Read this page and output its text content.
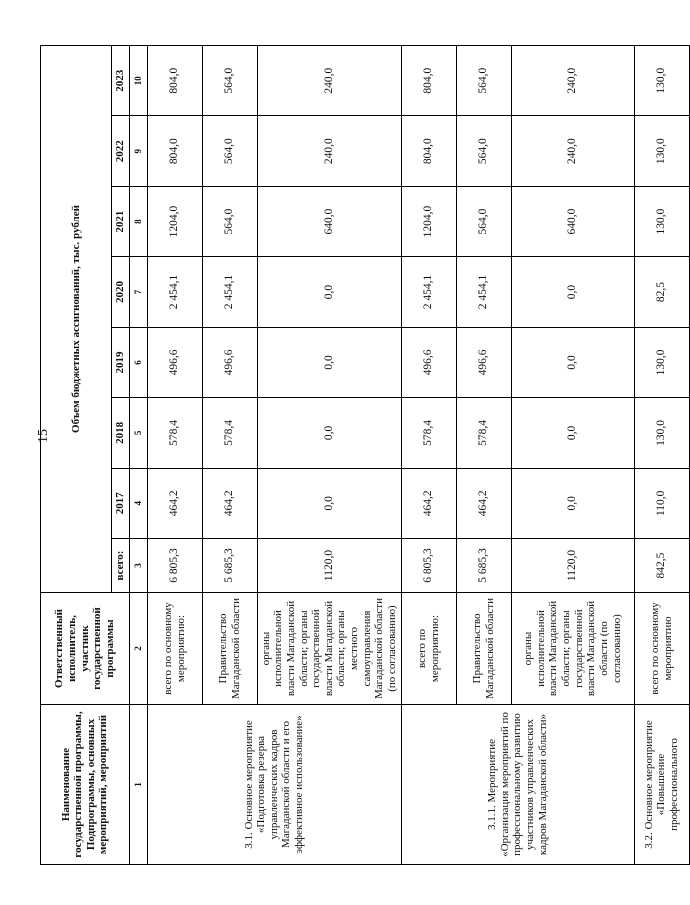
15
Наименование государственной программы, Подпрограммы, основных мероприятий, мероприятий	Ответственный исполнитель, участник государственной программы	Объем бюджетных ассигнований, тыс. рублей							
		всего:	2017	2018	2019	2020	2021	2022	2023
1	2	3	4	5	6	7	8	9	10
3.1. Основное мероприятие «Подготовка резерва управленческих кадров Магаданской области и его эффективное использование»	всего по основному мероприятию:	6 805,3	464,2	578,4	496,6	2 454,1	1204,0	804,0	804,0
	Правительство Магаданской области	5 685,3	464,2	578,4	496,6	2 454,1	564,0	564,0	564,0
	органы исполнительной власти Магаданской области; органы государственной власти Магаданской области; органы местного самоуправления Магаданской области (по согласованию)	1120,0	0,0	0,0	0,0	0,0	640,0	240,0	240,0
3.1.1. Мероприятие «Организация мероприятий по профессиональному развитию участников управленческих кадров Магаданской области»	всего по мероприятию:	6 805,3	464,2	578,4	496,6	2 454,1	1204,0	804,0	804,0
	Правительство Магаданской области	5 685,3	464,2	578,4	496,6	2 454,1	564,0	564,0	564,0
	органы исполнительной власти Магаданской области; органы государственной власти Магаданской области (по согласованию)	1120,0	0,0	0,0	0,0	0,0	640,0	240,0	240,0
3.2. Основное мероприятие «Повышение профессионального	всего по основному мероприятию	842,5	110,0	130,0	130,0	82,5	130,0	130,0	130,0
